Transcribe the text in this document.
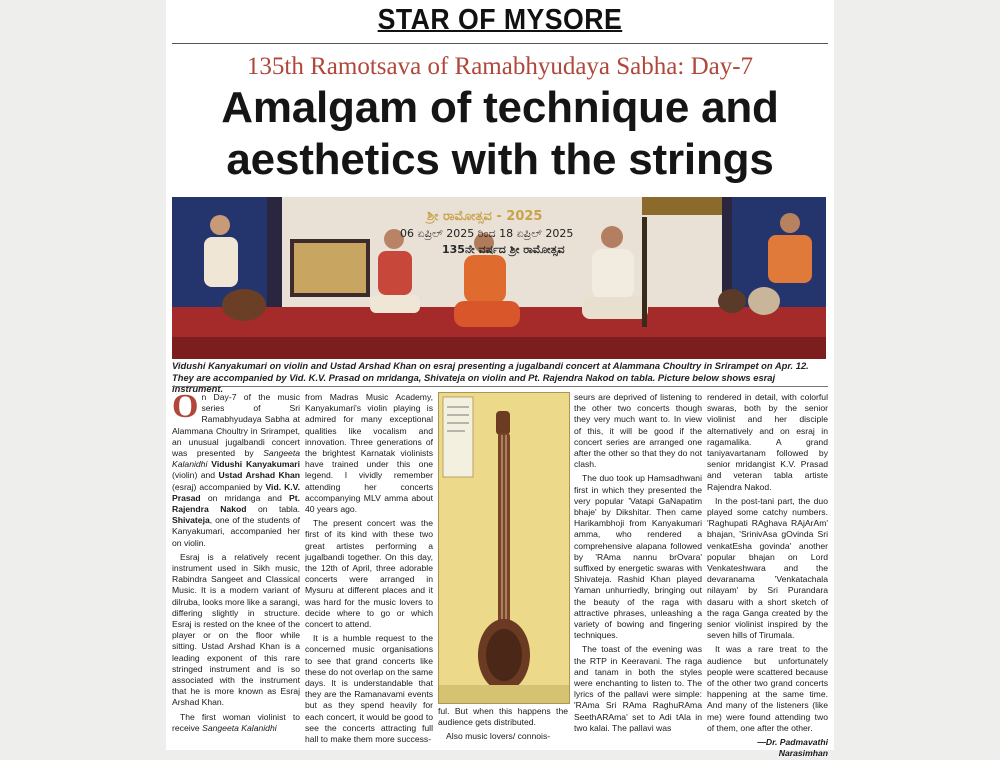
STAR OF MYSORE
135th Ramotsava of Ramabhyudaya Sabha: Day-7
Amalgam of technique and
aesthetics with the strings
ಶ್ರೀ ರಾಮೋತ್ಸವ - 2025
06 ಏಪ್ರಿಲ್ 2025 ರಿಂದ 18 ಏಪ್ರಿಲ್ 2025
135ನೇ ವರ್ಷದ ಶ್ರೀ ರಾಮೋತ್ಸವ
Vidushi Kanyakumari on violin and Ustad Arshad Khan on esraj presenting a jugalbandi concert at Alammana Choultry in Srirampet on Apr. 12. They are accompanied by Vid. K.V. Prasad on mridanga, Shivateja on violin and Pt. Rajendra Nakod on tabla. Picture below shows esraj instrument.

On Day-7 of the music series of Sri Ramabhyudaya Sabha at Alammana Choultry in Srirampet, an unusual jugalbandi concert was presented by Sangeeta Kalanidhi Vidushi Kanyakumari (violin) and Ustad Arshad Khan (esraj) accompanied by Vid. K.V. Prasad on mridanga and Pt. Rajendra Nakod on tabla. Shivateja, one of the students of Kanyakumari, accompanied her on violin.

Esraj is a relatively recent instrument used in Sikh music, Rabindra Sangeet and Classical Music. It is a modern variant of dilruba, looks more like a sarangi, differing slightly in structure. Esraj is rested on the knee of the player or on the floor while sitting. Ustad Arshad Khan is a leading exponent of this rare stringed instrument and is so associated with the instrument that he is more known as Esraj Arshad Khan.

The first woman violinist to receive Sangeeta Kalanidhi

from Madras Music Academy, Kanyakumari's violin playing is admired for many exceptional qualities like vocalism and innovation. Three generations of the brightest Karnatak violinists have trained under this one legend. I vividly remember attending her concerts accompanying MLV amma about 40 years ago.

The present concert was the first of its kind with these two great artistes performing a jugalbandi together. On this day, the 12th of April, three adorable concerts were arranged in Mysuru at different places and it was hard for the music lovers to decide where to go or which concert to attend.

It is a humble request to the concerned music organisations to see that grand concerts like these do not overlap on the same days. It is understandable that they are the Ramanavami events but as they spend heavily for each concert, it would be good to see the concerts attracting full hall to make them more success-

ful. But when this happens the audience gets distributed.

Also music lovers/ connois-

seurs are deprived of listening to the other two concerts though they very much want to. In view of this, it will be good if the concert series are arranged one after the other so that they do not clash.

The duo took up Hamsadhwani first in which they presented the very popular 'Vatapi GaNapatim bhaje' by Dikshitar. Then came Harikambhoji from Kanyakumari amma, who rendered a comprehensive alapana followed by 'RAma nannu brOvara' suffixed by energetic swaras with Shivateja. Rashid Khan played Yaman unhurriedly, bringing out the beauty of the raga with attractive phrases, unleashing a variety of bowing and fingering techniques.

The toast of the evening was the RTP in Keeravani. The raga and tanam in both the styles were enchanting to listen to. The lyrics of the pallavi were simple: 'RAma Sri RAma RaghuRAma SeethARAma' set to Adi tAla in two kalai. The pallavi was

rendered in detail, with colorful swaras, both by the senior violinist and her disciple alternatively and on esraj in ragamalika. A grand taniyavartanam followed by senior mridangist K.V. Prasad and veteran tabla artiste Rajendra Nakod.

In the post-tani part, the duo played some catchy numbers. 'Raghupati RAghava RAjArAm' bhajan, 'SrinivAsa gOvinda Sri venkatEsha govinda' another popular bhajan on Lord Venkateshwara and the devaranama 'Venkatachala nilayam' by Sri Purandara dasaru with a short sketch of the raga Ganga created by the senior violinist inspired by the seven hills of Tirumala.

It was a rare treat to the audience but unfortunately people were scattered because of the other two grand concerts happening at the same time. And many of the listeners (like me) were found attending two of them, one after the other.

—Dr. Padmavathi
Narasimhan
